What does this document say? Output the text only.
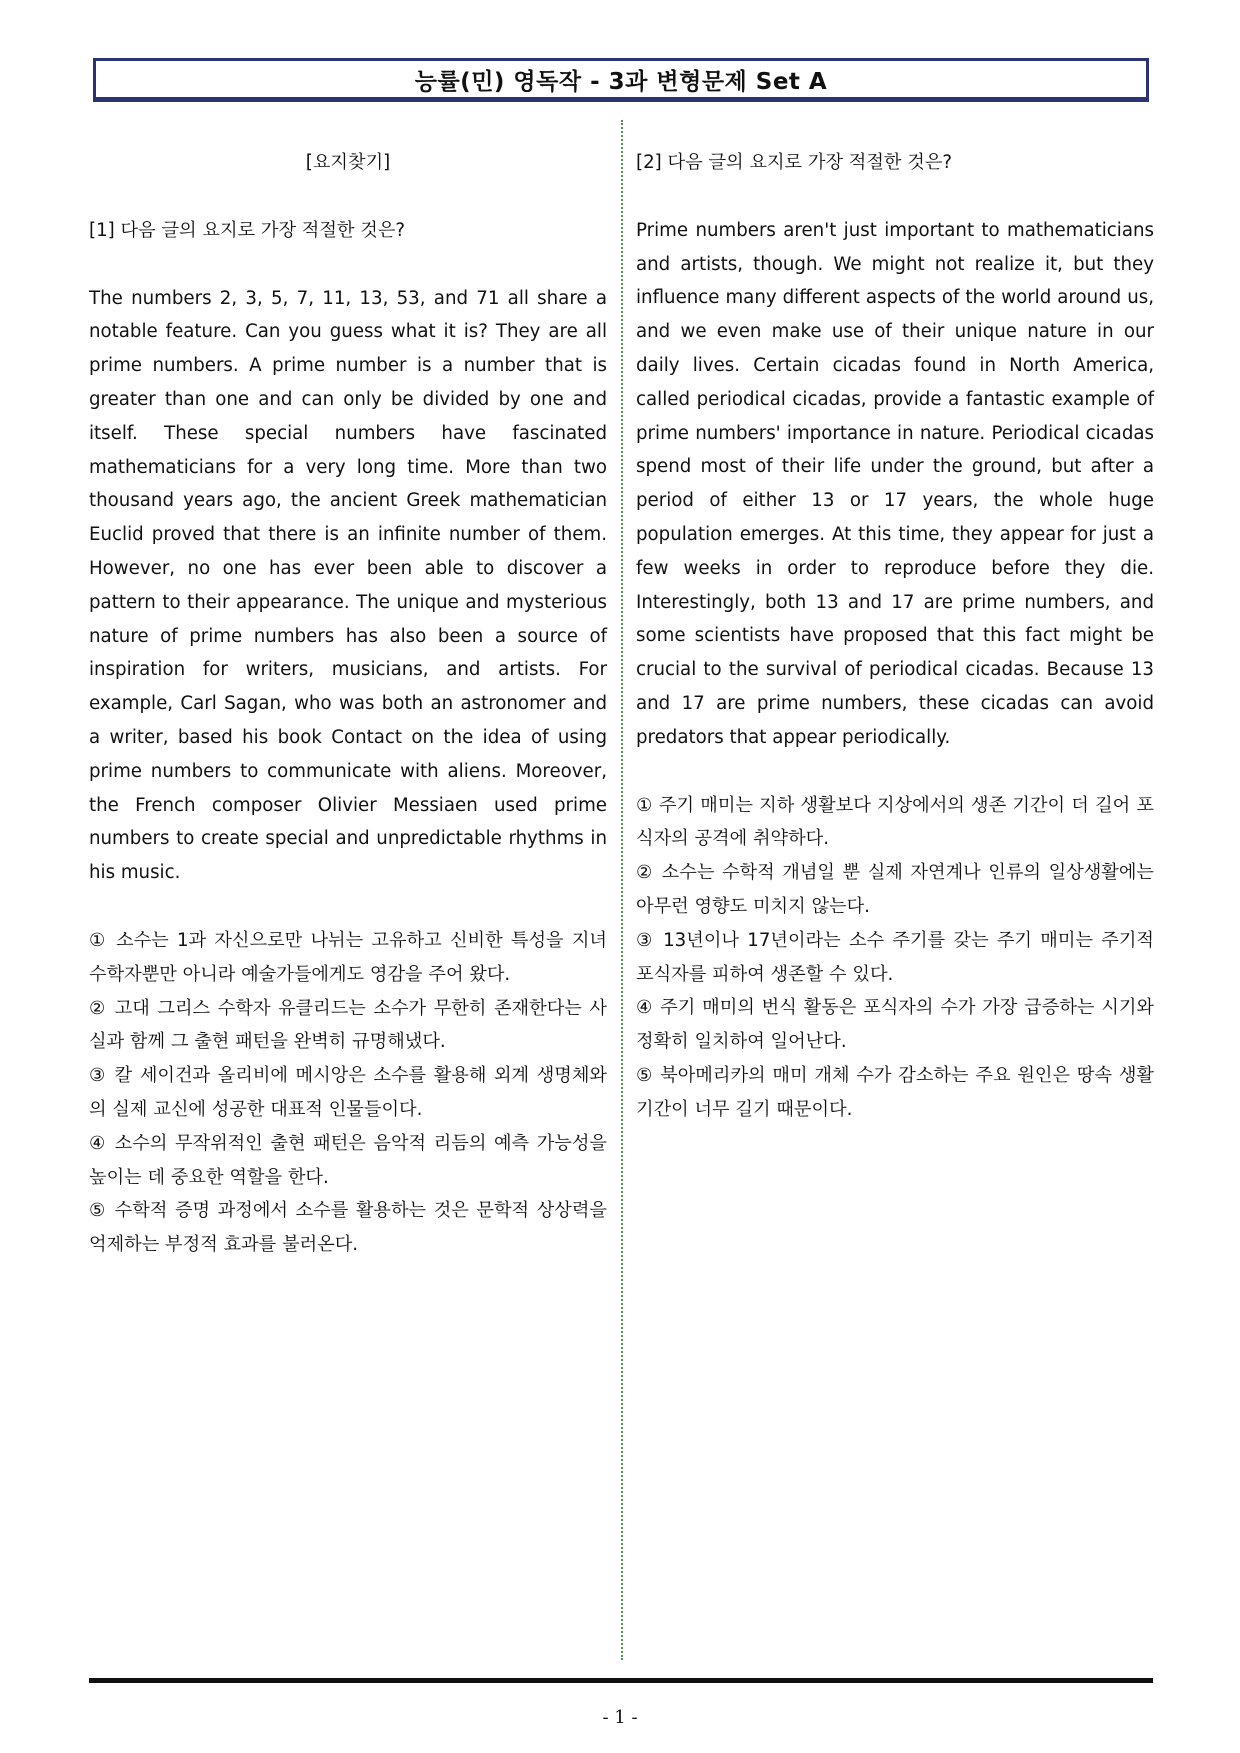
능률(민) 영독작 - 3과 변형문제 Set A

[요지찾기]

[1] 다음 글의 요지로 가장 적절한 것은?

The numbers 2, 3, 5, 7, 11, 13, 53, and 71 all share a notable feature. Can you guess what it is? They are all prime numbers. A prime number is a number that is greater than one and can only be divided by one and itself. These special numbers have fascinated mathematicians for a very long time. More than two thousand years ago, the ancient Greek mathematician Euclid proved that there is an infinite number of them. However, no one has ever been able to discover a pattern to their appearance. The unique and mysterious nature of prime numbers has also been a source of inspiration for writers, musicians, and artists. For example, Carl Sagan, who was both an astronomer and a writer, based his book Contact on the idea of using prime numbers to communicate with aliens. Moreover, the French composer Olivier Messiaen used prime numbers to create special and unpredictable rhythms in his music.

① 소수는 1과 자신으로만 나뉘는 고유하고 신비한 특성을 지녀 수학자뿐만 아니라 예술가들에게도 영감을 주어 왔다.
② 고대 그리스 수학자 유클리드는 소수가 무한히 존재한다는 사실과 함께 그 출현 패턴을 완벽히 규명해냈다.
③ 칼 세이건과 올리비에 메시앙은 소수를 활용해 외계 생명체와의 실제 교신에 성공한 대표적 인물들이다.
④ 소수의 무작위적인 출현 패턴은 음악적 리듬의 예측 가능성을 높이는 데 중요한 역할을 한다.
⑤ 수학적 증명 과정에서 소수를 활용하는 것은 문학적 상상력을 억제하는 부정적 효과를 불러온다.

[2] 다음 글의 요지로 가장 적절한 것은?

Prime numbers aren't just important to mathematicians and artists, though. We might not realize it, but they influence many different aspects of the world around us, and we even make use of their unique nature in our daily lives. Certain cicadas found in North America, called periodical cicadas, provide a fantastic example of prime numbers' importance in nature. Periodical cicadas spend most of their life under the ground, but after a period of either 13 or 17 years, the whole huge population emerges. At this time, they appear for just a few weeks in order to reproduce before they die. Interestingly, both 13 and 17 are prime numbers, and some scientists have proposed that this fact might be crucial to the survival of periodical cicadas. Because 13 and 17 are prime numbers, these cicadas can avoid predators that appear periodically.

① 주기 매미는 지하 생활보다 지상에서의 생존 기간이 더 길어 포식자의 공격에 취약하다.
② 소수는 수학적 개념일 뿐 실제 자연계나 인류의 일상생활에는 아무런 영향도 미치지 않는다.
③ 13년이나 17년이라는 소수 주기를 갖는 주기 매미는 주기적 포식자를 피하여 생존할 수 있다.
④ 주기 매미의 번식 활동은 포식자의 수가 가장 급증하는 시기와 정확히 일치하여 일어난다.
⑤ 북아메리카의 매미 개체 수가 감소하는 주요 원인은 땅속 생활 기간이 너무 길기 때문이다.
- 1 -
